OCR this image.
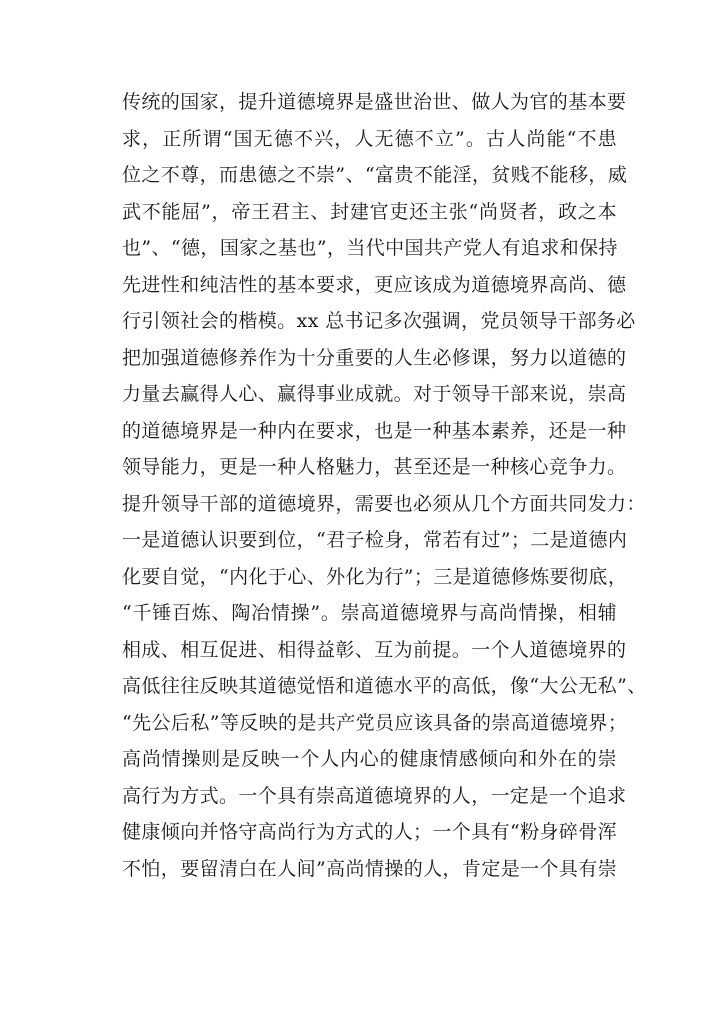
传统的国家，提升道德境界是盛世治世、做人为官的基本要
求，正所谓“国无德不兴，人无德不立”。古人尚能“不患
位之不尊，而患德之不崇”、“富贵不能淫，贫贱不能移，威
武不能屈”，帝王君主、封建官吏还主张“尚贤者，政之本
也”、“德，国家之基也”，当代中国共产党人有追求和保持
先进性和纯洁性的基本要求，更应该成为道德境界高尚、德
行引领社会的楷模。xx 总书记多次强调，党员领导干部务必
把加强道德修养作为十分重要的人生必修课，努力以道德的
力量去赢得人心、赢得事业成就。对于领导干部来说，崇高
的道德境界是一种内在要求，也是一种基本素养，还是一种
领导能力，更是一种人格魅力，甚至还是一种核心竞争力。
提升领导干部的道德境界，需要也必须从几个方面共同发力：
一是道德认识要到位，“君子检身，常若有过”；二是道德内
化要自觉，“内化于心、外化为行”；三是道德修炼要彻底，
“千锤百炼、陶冶情操”。崇高道德境界与高尚情操，相辅
相成、相互促进、相得益彰、互为前提。一个人道德境界的
高低往往反映其道德觉悟和道德水平的高低，像“大公无私”、
“先公后私”等反映的是共产党员应该具备的崇高道德境界；
高尚情操则是反映一个人内心的健康情感倾向和外在的崇
高行为方式。一个具有崇高道德境界的人，一定是一个追求
健康倾向并恪守高尚行为方式的人；一个具有“粉身碎骨浑
不怕，要留清白在人间”高尚情操的人，肯定是一个具有崇
